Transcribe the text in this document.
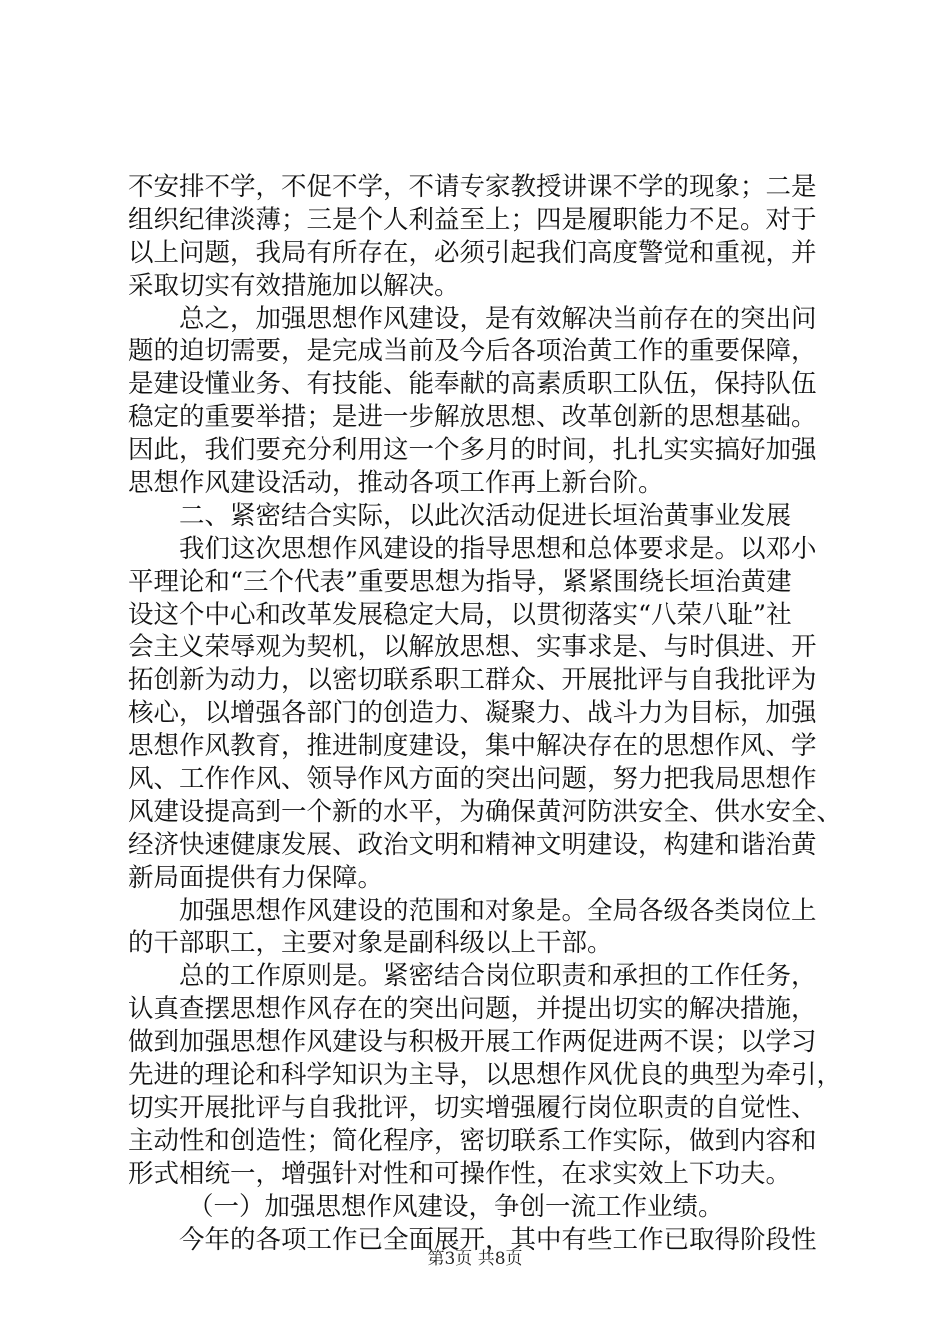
不安排不学，不促不学，不请专家教授讲课不学的现象；二是
组织纪律淡薄；三是个人利益至上；四是履职能力不足。对于
以上问题，我局有所存在，必须引起我们高度警觉和重视，并
采取切实有效措施加以解决。
总之，加强思想作风建设，是有效解决当前存在的突出问
题的迫切需要，是完成当前及今后各项治黄工作的重要保障，
是建设懂业务、有技能、能奉献的高素质职工队伍，保持队伍
稳定的重要举措；是进一步解放思想、改革创新的思想基础。
因此，我们要充分利用这一个多月的时间，扎扎实实搞好加强
思想作风建设活动，推动各项工作再上新台阶。
二、紧密结合实际，以此次活动促进长垣治黄事业发展
我们这次思想作风建设的指导思想和总体要求是。以邓小
平理论和“三个代表”重要思想为指导，紧紧围绕长垣治黄建
设这个中心和改革发展稳定大局，以贯彻落实“八荣八耻”社
会主义荣辱观为契机，以解放思想、实事求是、与时俱进、开
拓创新为动力，以密切联系职工群众、开展批评与自我批评为
核心，以增强各部门的创造力、凝聚力、战斗力为目标，加强
思想作风教育，推进制度建设，集中解决存在的思想作风、学
风、工作作风、领导作风方面的突出问题，努力把我局思想作
风建设提高到一个新的水平，为确保黄河防洪安全、供水安全、
经济快速健康发展、政治文明和精神文明建设，构建和谐治黄
新局面提供有力保障。
加强思想作风建设的范围和对象是。全局各级各类岗位上
的干部职工，主要对象是副科级以上干部。
总的工作原则是。紧密结合岗位职责和承担的工作任务，
认真查摆思想作风存在的突出问题，并提出切实的解决措施，
做到加强思想作风建设与积极开展工作两促进两不误；以学习
先进的理论和科学知识为主导，以思想作风优良的典型为牵引，
切实开展批评与自我批评，切实增强履行岗位职责的自觉性、
主动性和创造性；简化程序，密切联系工作实际，做到内容和
形式相统一，增强针对性和可操作性，在求实效上下功夫。
（一）加强思想作风建设，争创一流工作业绩。
今年的各项工作已全面展开，其中有些工作已取得阶段性
第3页 共8页
